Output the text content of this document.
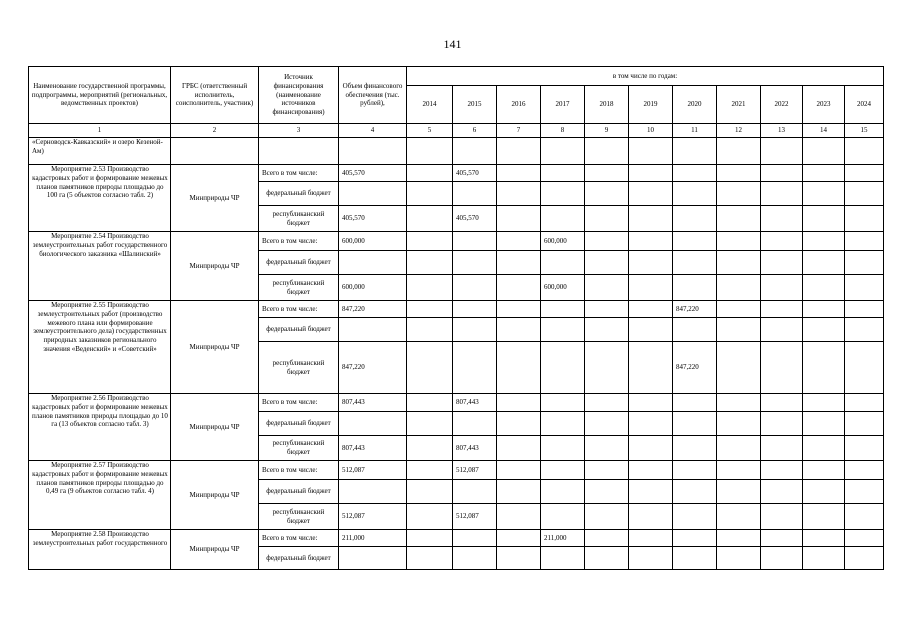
141
Наименование государственной программы, подпрограммы, мероприятий (региональных, ведомственных проектов)	ГРБС (ответственный исполнитель, соисполнитель, участник)	Источник финансирования (наименование источников финансирования)	Объем финансового обеспечения (тыс. рублей),	в том числе по годам:										
				2014	2015	2016	2017	2018	2019	2020	2021	2022	2023	2024
1	2	3	4	5	6	7	8	9	10	11	12	13	14	15
«Серноводск-Кавказский» и озеро Кезеной-Ам)														
Мероприятие 2.53 Производство кадастровых работ и формирование межевых планов памятников природы площадью до 100 га (5 объектов согласно табл. 2)	Минприроды ЧР	Всего в том числе:	405,570		405,570									
		федеральный бюджет												
		республиканский бюджет	405,570		405,570									
Мероприятие 2.54 Производство землеустроительных работ государственного биологического заказника «Шалинский»	Минприроды ЧР	Всего в том числе:	600,000				600,000							
		федеральный бюджет												
		республиканский бюджет	600,000				600,000							
Мероприятие 2.55 Производство землеустроительных работ (производство межевого плана или формирование землеустроительного дела) государственных природных заказников регионального значения «Веденский» и «Советский»	Минприроды ЧР	Всего в том числе:	847,220							847,220				
		федеральный бюджет												
		республиканский бюджет	847,220							847,220				
Мероприятие 2.56 Производство кадастровых работ и формирование межевых планов памятников природы площадью до 10 га (13 объектов согласно табл. 3)	Минприроды ЧР	Всего в том числе:	807,443		807,443									
		федеральный бюджет												
		республиканский бюджет	807,443		807,443									
Мероприятие 2.57 Производство кадастровых работ и формирование межевых планов памятников природы площадью до 0,49 га (9 объектов согласно табл. 4)	Минприроды ЧР	Всего в том числе:	512,087		512,087									
		федеральный бюджет												
		республиканский бюджет	512,087		512,087									
Мероприятие 2.58 Производство землеустроительных работ государственного	Минприроды ЧР	Всего в том числе:	211,000				211,000							
		федеральный бюджет												
